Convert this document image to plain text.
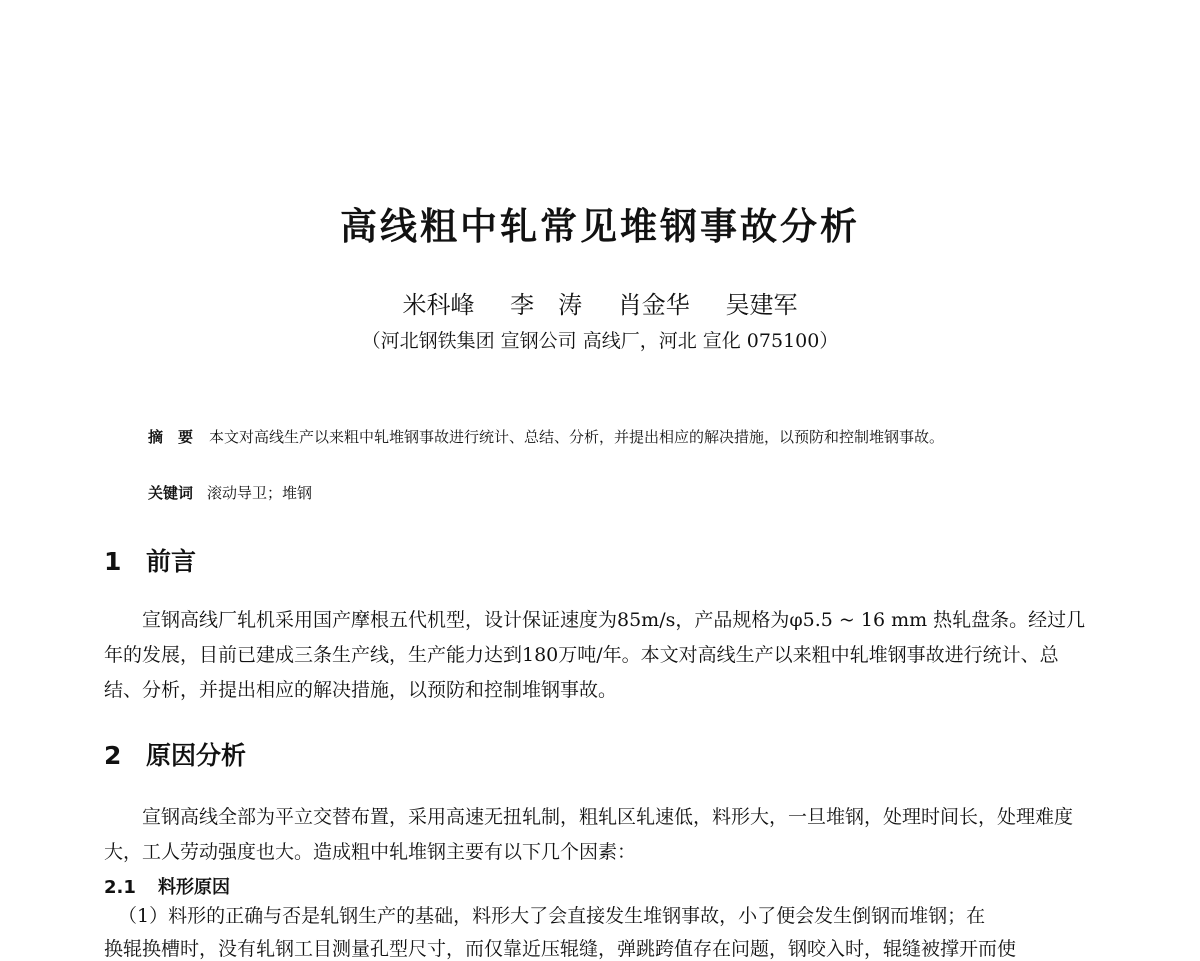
高线粗中轧常见堆钢事故分析
米科峰 李　涛 肖金华 吴建军
（河北钢铁集团 宣钢公司 高线厂，河北 宣化 075100）
摘　要 本文对高线生产以来粗中轧堆钢事故进行统计、总结、分析，并提出相应的解决措施，以预防和控制堆钢事故。
关键词 滚动导卫；堆钢
1 前言

宣钢高线厂轧机采用国产摩根五代机型，设计保证速度为85m/s，产品规格为φ5.5 ~ 16 mm 热轧盘条。经过几年的发展，目前已建成三条生产线，生产能力达到180万吨/年。本文对高线生产以来粗中轧堆钢事故进行统计、总结、分析，并提出相应的解决措施，以预防和控制堆钢事故。

2 原因分析

宣钢高线全部为平立交替布置，采用高速无扭轧制，粗轧区轧速低，料形大，一旦堆钢，处理时间长，处理难度大，工人劳动强度也大。造成粗中轧堆钢主要有以下几个因素：

2.1 料形原因
（1）料形的正确与否是轧钢生产的基础，料形大了会直接发生堆钢事故，小了便会发生倒钢而堆钢；在
换辊换槽时，没有轧钢工目测量孔型尺寸，而仅靠近压辊缝，弹跳跨值存在问题，钢咬入时，辊缝被撑开而使
